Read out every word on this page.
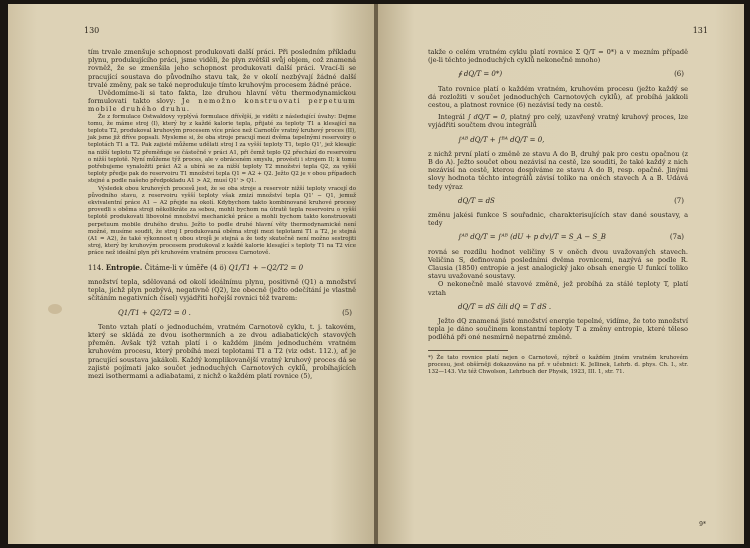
130

tím trvale zmenšuje schopnost produkovati další práci. Při posledním příkladu plynu, produkujícího práci, jsme viděli, že plyn zvětšil svůj objem, což znamená rovněž, že se zmenšila jeho schopnost produkovati další práci. Vrací-li se pracující soustava do původního stavu tak, že v okolí nezbývají žádné další trvalé změny, pak se také neprodukuje tímto kruhovým procesem žádné práce.

Uvědomíme-li si tato fakta, lze druhou hlavní větu thermodynamickou formulovati takto slovy: Je nemožno konstruovati perpetuum mobile druhého druhu.

Že z formulace Ostwaldovy vyplývá formulace dřívější, je viděti z následující úvahy: Dejme tomu, že máme stroj (I), který by z každé kalorie tepla, přijaté za teploty T1 a klesající na teplotu T2, produkoval kruhovým procesem více práce než Carnotův vratný kruhový proces (II), jak jsme již dříve popsali. Mysleme si, že oba stroje pracují mezi dvěma tepelnými reservoiry o teplotách T1 a T2. Pak zajisté můžeme udělati stroj I za vyšší teploty T1, teplo Q1', jež klesajíc na nižší teplotu T2 přeměňuje se částečně v práci A1, při čemž teplo Q2 přechází do reservoiru o nižší teplotě. Nyní můžeme týž proces, ale v obráceném smyslu, provésti i strojem II; k tomu potřebujeme vynaložiti práci A2 a ubírá se za nižší teploty T2 množství tepla Q2, za vyšší teploty předje pak do reservoiru T1 množství tepla Q1 = A2 + Q2. Ježto Q2 je v obou případech stejné a podle našeho předpokladu A1 > A2, musí Q1' > Q1.

Výsledek obou kruhových procesů jest, že se oba stroje a reservoir nižší teploty vracejí do původního stavu, z reservoiru vyšší teploty však zmizí množství tepla Q1' − Q1, jemuž ekvivalentní práce A1 − A2 přejde na okolí. Kdybychom takto kombinované kruhové procesy provedli s oběma stroji několikráte za sebou, mohli bychom na útratě tepla reservoiru o vyšší teplotě produkovati libovolné množství mechanické práce a mohli bychom takto konstruovati perpetuum mobile druhého druhu. Ježto to podle druhé hlavní věty thermodynamické není možné, musíme soudit, že stroj I produkovaná oběma stroji mezi teplotami T1 a T2, je stejná (A1 = A2), že také výkonnost η obou strojů je stejná a že tedy skutečně není možno sestrojiti stroj, který by kruhovým procesem produkoval z každé kalorie klesající s teploty T1 na T2 více práce než ideální plyn při kruhovém vratném procesu Carnotově.

114. Entropie. Čitáme-li v úměře (4 ö) Q1/T1 + −Q2/T2 = 0

množství tepla, sdělovaná od okolí ideálnímu plynu, positivně (Q1) a množství tepla, jichž plyn pozbývá, negativně (Q2), lze obecně (ježto odečítání je vlastně sčítáním negativních čísel) vyjádřiti hořejší rovnici též tvarem:

Q1/T1 + Q2/T2 = 0 .	(5)

Tento vztah platí o jednoduchém, vratném Carnotově cyklu, t. j. takovém, který se skládá ze dvou isothermních a ze dvou adiabatických stavových přeměn. Avšak týž vztah platí i o každém jiném jednoduchém vratném kruhovém procesu, který probíhá mezi teplotami T1 a T2 (viz odst. 112.), ať je pracující soustava jakákoli. Každý komplikovanější vratný kruhový proces dá se zajisté pojímati jako součet jednoduchých Carnotových cyklů, probíhajících mezi isothermami a adiabatami, z nichž o každém platí rovnice (5),

131

takže o celém vratném cyklu platí rovnice Σ Q/T = 0*) a v mezním případě (je-li těchto jednoduchých cyklů nekonečně mnoho)

∮ dQ/T = 0*)	(6)

Tato rovnice platí o každém vratném, kruhovém procesu (ježto každý se dá rozložiti v součet jednoduchých Carnotových cyklů), ať probíhá jakkoli cestou, a platnost rovnice (6) nezávisí tedy na cestě.

Integrál ∫ dQ/T = 0, platný pro celý, uzavřený vratný kruhový proces, lze vyjádřiti součtem dvou integrálů

∫ᴬᴮ dQ/T + ∫ᴮᴬ dQ/T = 0,

z nichž první platí o změně ze stavu A do B, druhý pak pro cestu opačnou (z B do A). Ježto součet obou nezávisí na cestě, lze souditi, že také každý z nich nezávisí na cestě, kterou dospíváme ze stavu A do B, resp. opačně. Jinými slovy hodnota těchto integrálů závisí toliko na oněch stavech A a B. Udává tedy výraz

dQ/T = dS	(7)

změnu jakési funkce S souřadnic, charakterisujících stav dané soustavy, a tedy

∫ᴬᴮ dQ/T = ∫ᴬᴮ (dU + p dv)/T = S_A − S_B	(7a)

rovná se rozdílu hodnot veličiny S v oněch dvou uvažovaných stavech. Veličina S, definovaná posledními dvěma rovnicemi, nazývá se podle R. Clausia (1850) entropie a jest analogický jako obsah energie U funkcí toliko stavu uvažované soustavy.

O nekonečně malé stavové změně, jež probíhá za stálé teploty T, platí vztah

dQ/T = dS čili dQ = T dS .

Ježto dQ znamená jisté množství energie tepelné, vidíme, že toto množství tepla je dáno součinem konstantní teploty T a změny entropie, které těleso podléhá při oné nesmírně nepatrné změně.

*) Že tato rovnice platí nejen o Carnotově, nýbrž o každém jiném vratném kruhovém procesu, jest obšírněji dokazováno na př. v učebnici: K. Jellinek, Lehrb. d. phys. Ch. I., str. 132—143. Viz též Chwolson, Lehrbuch der Physik, 1923, III. 1, str. 71.

9*
